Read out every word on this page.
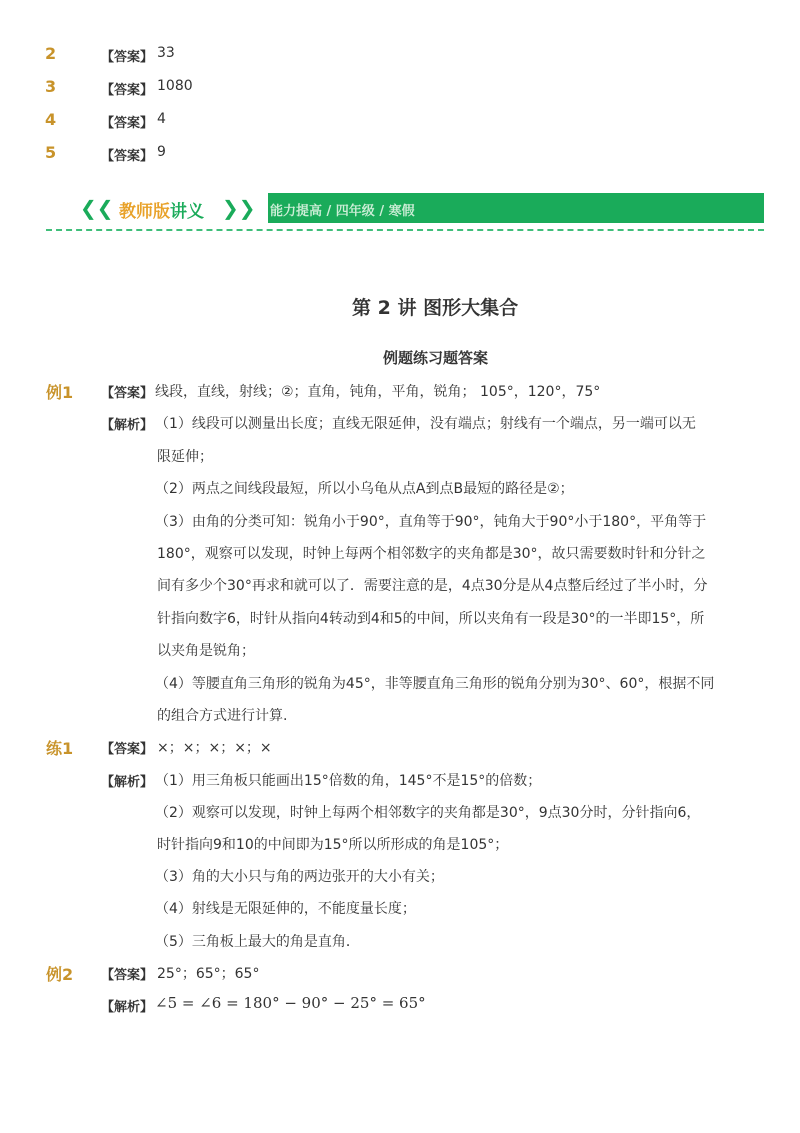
2	【答案】 33
3	【答案】 1080
4	【答案】 4
5	【答案】 9
❮❮ 教师版讲义 ❯❯ 能力提高 / 四年级 / 寒假
第 2 讲 图形大集合
例题练习题答案
例1 【答案】 线段，直线，射线；②；直角，钝角，平角，锐角； 105°，120°，75°
【解析】 （1）线段可以测量出长度；直线无限延伸，没有端点；射线有一个端点，另一端可以无
限延伸；
（2）两点之间线段最短，所以小乌龟从点A到点B最短的路径是②；
（3）由角的分类可知：锐角小于90°，直角等于90°，钝角大于90°小于180°，平角等于
180°，观察可以发现，时钟上每两个相邻数字的夹角都是30°，故只需要数时针和分针之
间有多少个30°再求和就可以了．需要注意的是，4点30分是从4点整后经过了半小时，分
针指向数字6，时针从指向4转动到4和5的中间，所以夹角有一段是30°的一半即15°，所
以夹角是锐角；
（4）等腰直角三角形的锐角为45°，非等腰直角三角形的锐角分别为30°、60°，根据不同
的组合方式进行计算.
练1 【答案】 ×；×；×；×；×
【解析】 （1）用三角板只能画出15°倍数的角，145°不是15°的倍数；
（2）观察可以发现，时钟上每两个相邻数字的夹角都是30°，9点30分时，分针指向6，
时针指向9和10的中间即为15°所以所形成的角是105°；
（3）角的大小只与角的两边张开的大小有关；
（4）射线是无限延伸的，不能度量长度；
（5）三角板上最大的角是直角．
例2 【答案】 25°；65°；65°
【解析】 ∠5 = ∠6 = 180° − 90° − 25° = 65°
